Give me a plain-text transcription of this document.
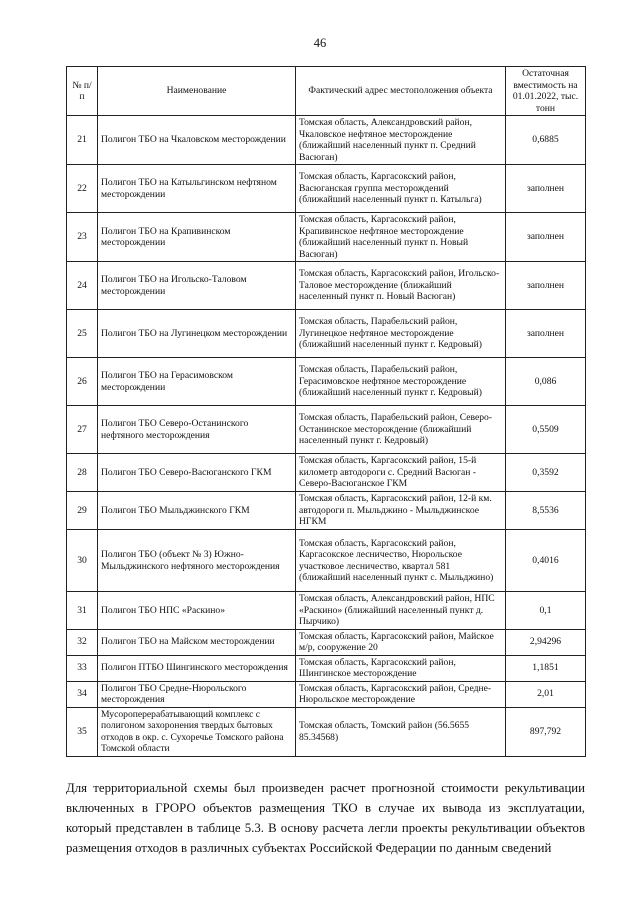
46
№ п/п	Наименование	Фактический адрес местоположения объекта	Остаточная вместимость на 01.01.2022, тыс. тонн
21	Полигон ТБО на Чкаловском месторождении	Томская область, Александровский район, Чкаловское нефтяное месторождение (ближайший населенный пункт п. Средний Васюган)	0,6885
22	Полигон ТБО на Катыльгинском нефтяном месторождении	Томская область, Каргасокский район, Васюганская группа месторождений (ближайший населенный пункт п. Катыльга)	заполнен
23	Полигон ТБО на Крапивинском месторождении	Томская область, Каргасокский район, Крапивинское нефтяное месторождение (ближайший населенный пункт п. Новый Васюган)	заполнен
24	Полигон ТБО на Игольско-Таловом месторождении	Томская область, Каргасокский район, Игольско-Таловое месторождение (ближайший населенный пункт п. Новый Васюган)	заполнен
25	Полигон ТБО на Лугинецком месторождении	Томская область, Парабельский район, Лугинецкое нефтяное месторождение (ближайший населенный пункт г. Кедровый)	заполнен
26	Полигон ТБО на Герасимовском месторождении	Томская область, Парабельский район, Герасимовское нефтяное месторождение (ближайший населенный пункт г. Кедровый)	0,086
27	Полигон ТБО Северо-Останинского нефтяного месторождения	Томская область, Парабельский район, Северо-Останинское месторождение (ближайший населенный пункт г. Кедровый)	0,5509
28	Полигон ТБО Северо-Васюганского ГКМ	Томская область, Каргасокский район, 15-й километр автодороги с. Средний Васюган - Северо-Васюганское ГКМ	0,3592
29	Полигон ТБО Мыльджинского ГКМ	Томская область, Каргасокский район, 12-й км. автодороги п. Мыльджино - Мыльджинское НГКМ	8,5536
30	Полигон ТБО (объект № 3) Южно-Мыльджинского нефтяного месторождения	Томская область, Каргасокский район, Каргасокское лесничество, Нюрольское участковое лесничество, квартал 581 (ближайший населенный пункт с. Мыльджино)	0,4016
31	Полигон ТБО НПС «Раскино»	Томская область, Александровский район, НПС «Раскино» (ближайший населенный пункт д. Пырчико)	0,1
32	Полигон ТБО на Майском месторождении	Томская область, Каргасокский район, Майское м/р, сооружение 20	2,94296
33	Полигон ПТБО Шингинского месторождения	Томская область, Каргасокский район, Шингинское месторождение	1,1851
34	Полигон ТБО Средне-Нюрольского месторождения	Томская область, Каргасокский район, Средне-Нюрольское месторождение	2,01
35	Мусороперерабатывающий комплекс с полигоном захоронения твердых бытовых отходов в окр. с. Сухоречье Томского района Томской области	Томская область, Томский район (56.5655 85.34568)	897,792

Для территориальной схемы был произведен расчет прогнозной стоимости рекультивации включенных в ГРОРО объектов размещения ТКО в случае их вывода из эксплуатации, который представлен в таблице 5.3. В основу расчета легли проекты рекультивации объектов размещения отходов в различных субъектах Российской Федерации по данным сведений
